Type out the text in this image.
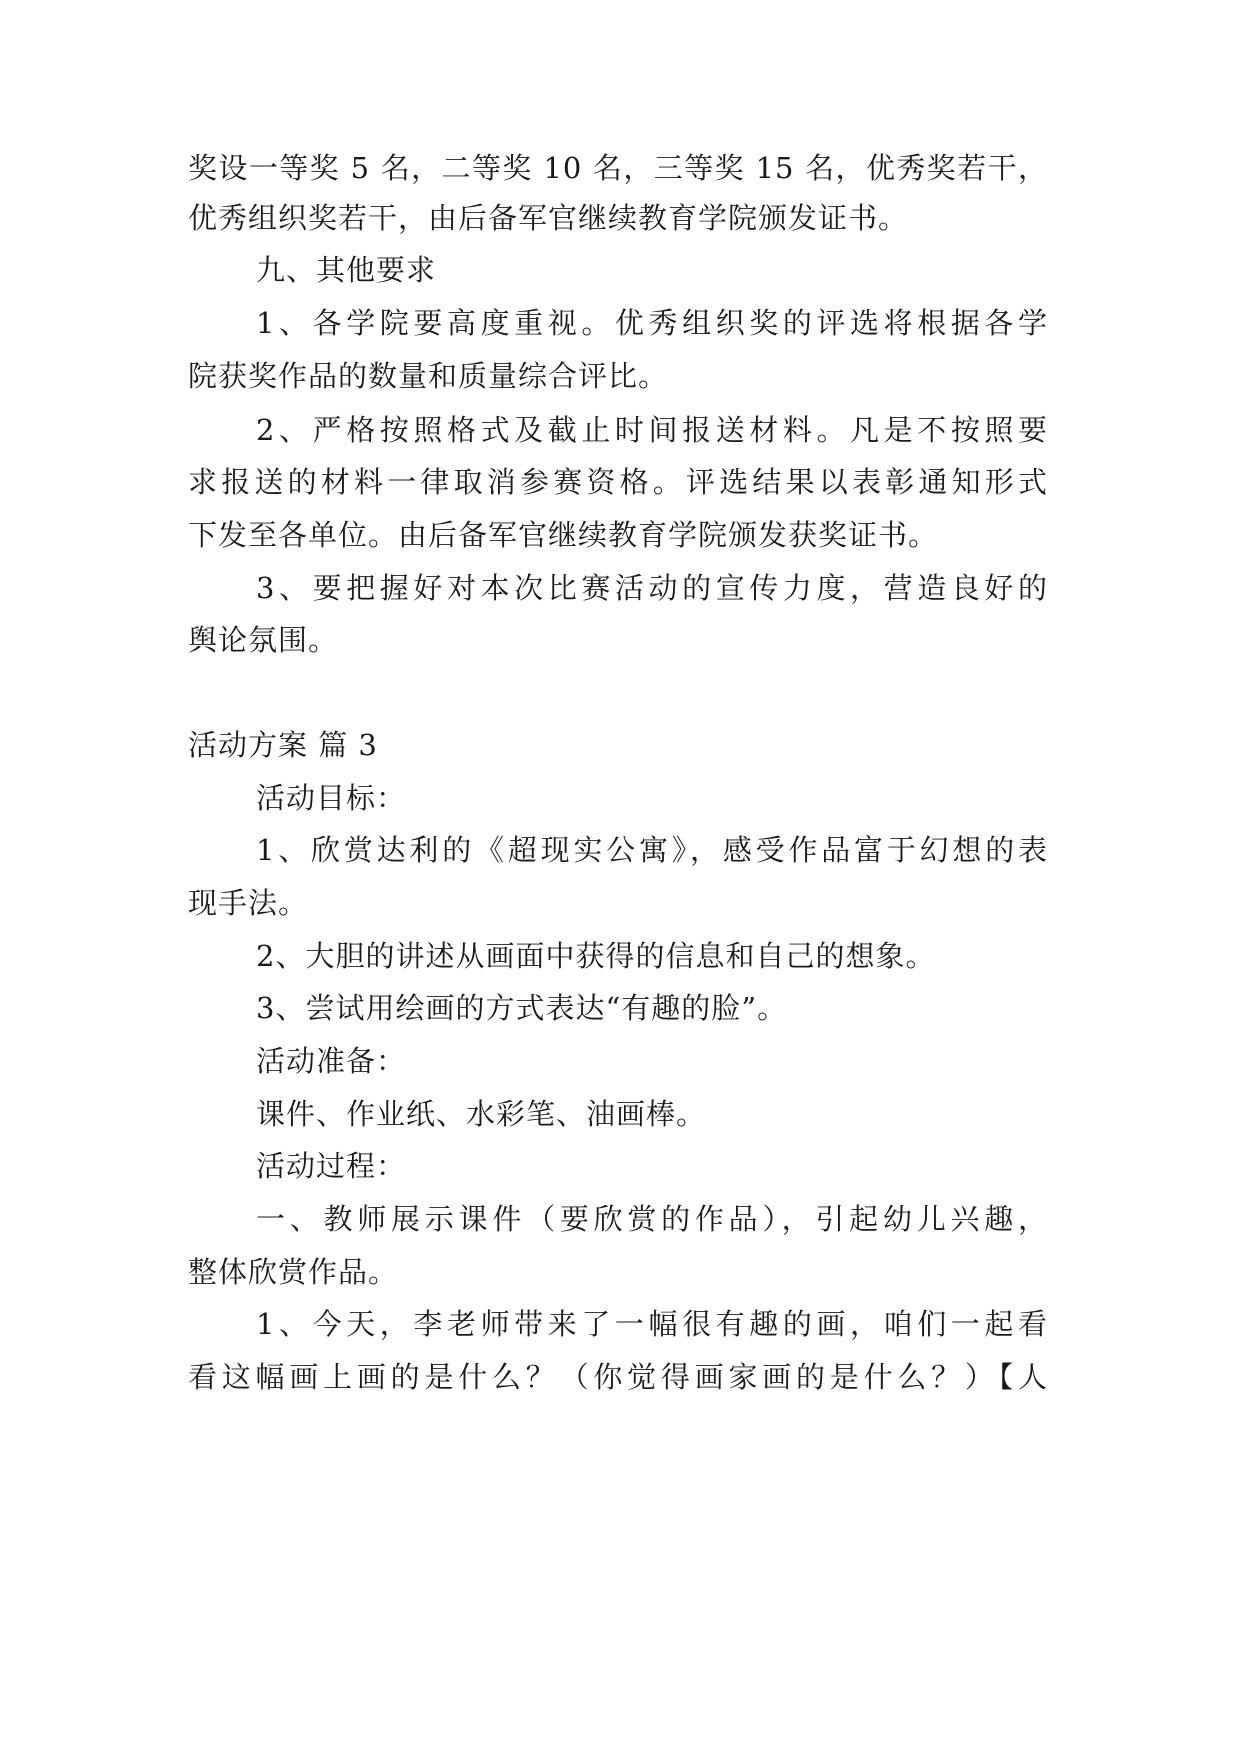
奖设一等奖 5 名，二等奖 10 名，三等奖 15 名，优秀奖若干，
优秀组织奖若干，由后备军官继续教育学院颁发证书。
九、其他要求
1、各学院要高度重视。优秀组织奖的评选将根据各学
院获奖作品的数量和质量综合评比。
2、严格按照格式及截止时间报送材料。凡是不按照要
求报送的材料一律取消参赛资格。评选结果以表彰通知形式
下发至各单位。由后备军官继续教育学院颁发获奖证书。
3、要把握好对本次比赛活动的宣传力度，营造良好的
舆论氛围。
活动方案 篇 3
活动目标：
1、欣赏达利的《超现实公寓》，感受作品富于幻想的表
现手法。
2、大胆的讲述从画面中获得的信息和自己的想象。
3、尝试用绘画的方式表达“有趣的脸”。
活动准备：
课件、作业纸、水彩笔、油画棒。
活动过程：
一、教师展示课件（要欣赏的作品），引起幼儿兴趣，
整体欣赏作品。
1、今天，李老师带来了一幅很有趣的画，咱们一起看
看这幅画上画的是什么？（你觉得画家画的是什么？）【人
